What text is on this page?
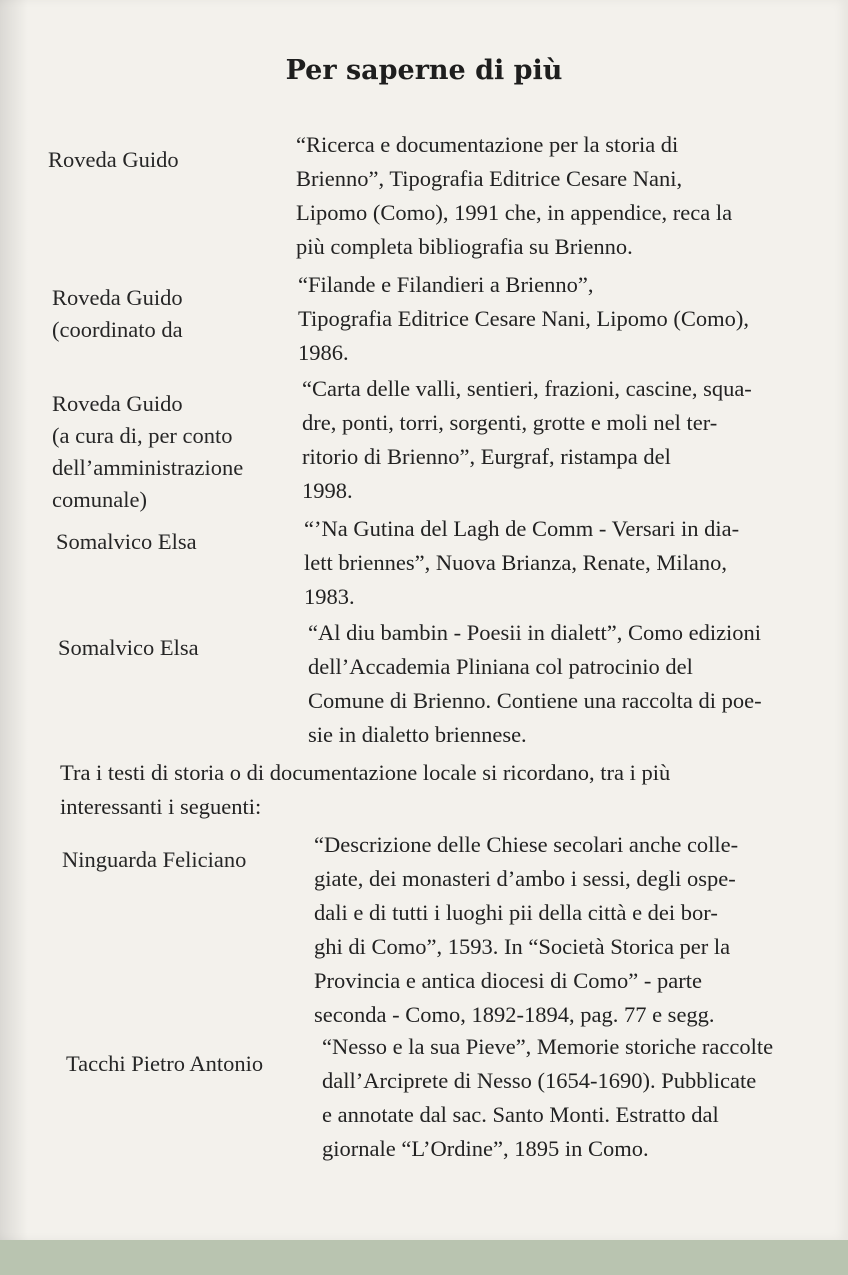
Per saperne di più
Roveda Guido
“Ricerca e documentazione per la storia di
Brienno”, Tipografia Editrice Cesare Nani,
Lipomo (Como), 1991 che, in appendice, reca la
più completa bibliografia su Brienno.
Roveda Guido
(coordinato da
“Filande e Filandieri a Brienno”,
Tipografia Editrice Cesare Nani, Lipomo (Como),
1986.
Roveda Guido
(a cura di, per conto
dell’amministrazione
comunale)
“Carta delle valli, sentieri, frazioni, cascine, squa-
dre, ponti, torri, sorgenti, grotte e moli nel ter-
ritorio di Brienno”, Eurgraf, ristampa del
1998.
Somalvico Elsa
“’Na Gutina del Lagh de Comm - Versari in dia-
lett briennes”, Nuova Brianza, Renate, Milano,
1983.
Somalvico Elsa
“Al diu bambin - Poesii in dialett”, Como edizioni
dell’Accademia Pliniana col patrocinio del
Comune di Brienno. Contiene una raccolta di poe-
sie in dialetto briennese.
Tra i testi di storia o di documentazione locale si ricordano, tra i più
interessanti i seguenti:
Ninguarda Feliciano
“Descrizione delle Chiese secolari anche colle-
giate, dei monasteri d’ambo i sessi, degli ospe-
dali e di tutti i luoghi pii della città e dei bor-
ghi di Como”, 1593. In “Società Storica per la
Provincia e antica diocesi di Como” - parte
seconda - Como, 1892-1894, pag. 77 e segg.
Tacchi Pietro Antonio
“Nesso e la sua Pieve”, Memorie storiche raccolte
dall’Arciprete di Nesso (1654-1690). Pubblicate
e annotate dal sac. Santo Monti. Estratto dal
giornale “L’Ordine”, 1895 in Como.
